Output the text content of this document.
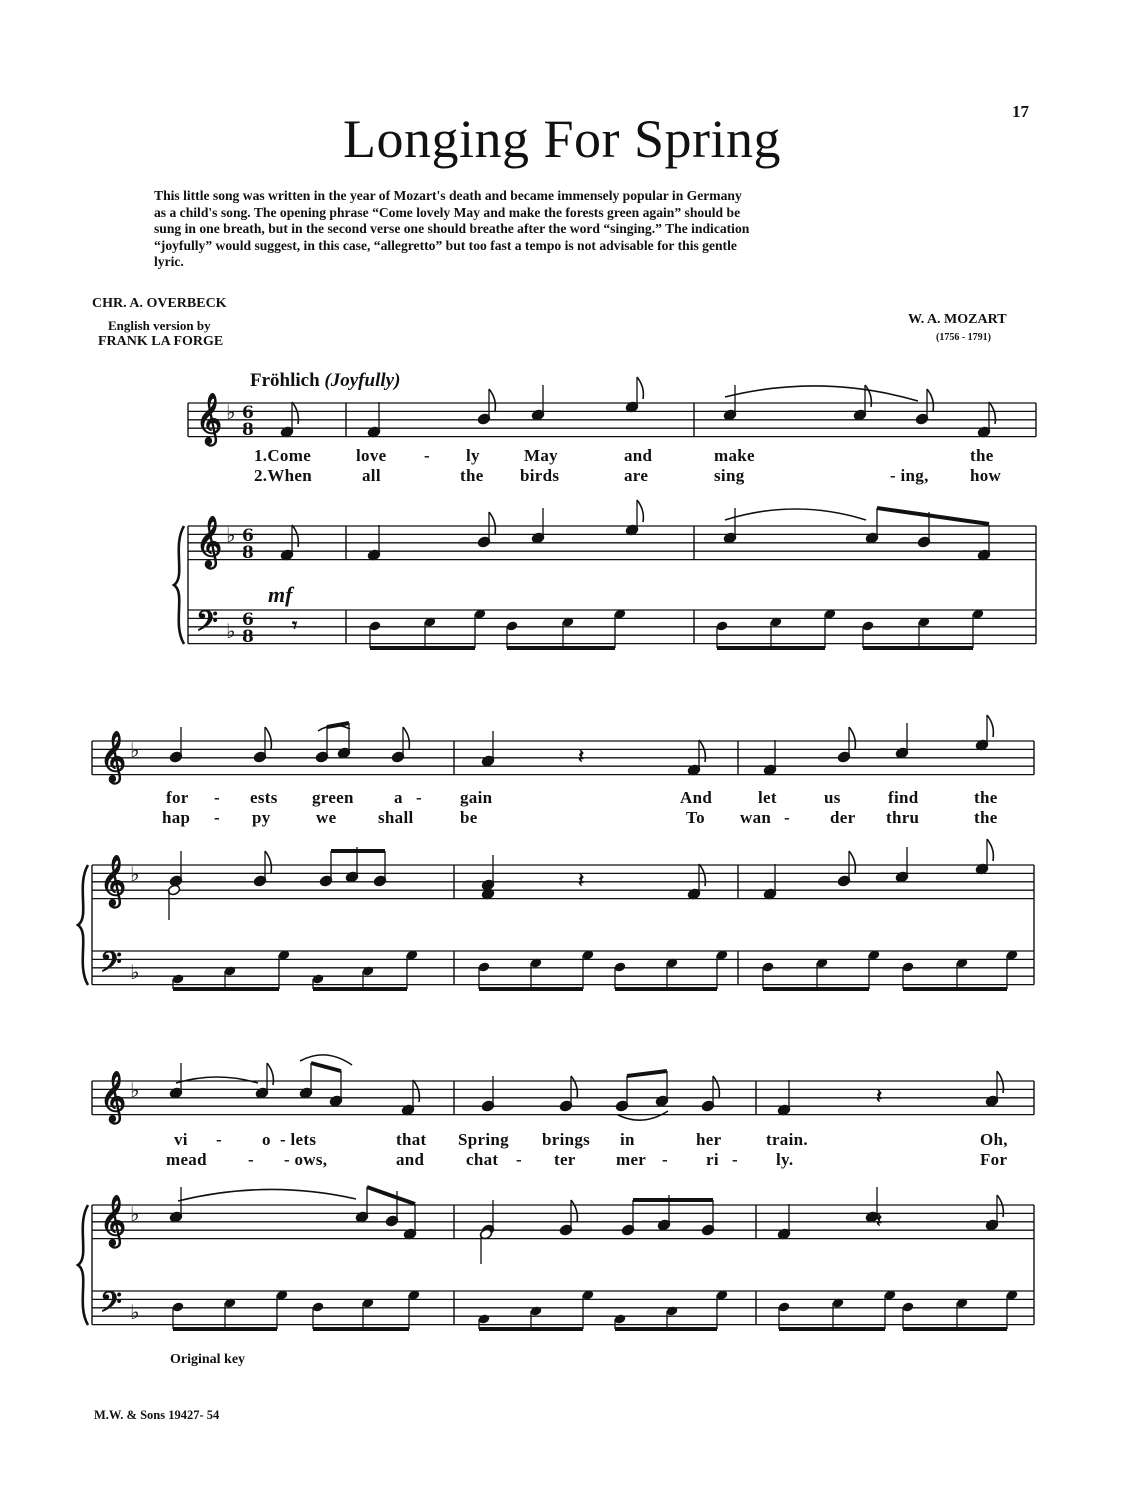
17
Longing For Spring
This little song was written in the year of Mozart's death and became immensely popular in Germany
as a child's song. The opening phrase “Come lovely May and make the forests green again” should be
sung in one breath, but in the second verse one should breathe after the word “singing.” The indication
“joyfully” would suggest, in this case, “allegretto” but too fast a tempo is not advisable for this gentle
lyric.
CHR. A. OVERBECK
English version by
FRANK LA FORGE
W. A. MOZART
(1756 - 1791)
Fröhlich (Joyfully)
𝄞
𝄞
𝄢
♭
♭
♭
6
8
6
8
6
8
𝄞
𝄞
𝄢
♭
♭
♭
𝄞
𝄞
𝄢
♭
♭
♭
𝄾
𝄽
𝄽
𝄽
𝄽
1.Come	love - ly	May	and	make	the
2.When	all	the birds	are	sing	- ing, how
for - ests green a - gain	And	let	us	find	the
hap - py	we shall	be	To wan - der thru	the
vi - o - lets	that Spring brings in	her	train.	Oh,
mead - - ows,	and chat - ter mer - ri - ly.	For
mf
Original key
M.W. & Sons 19427- 54
